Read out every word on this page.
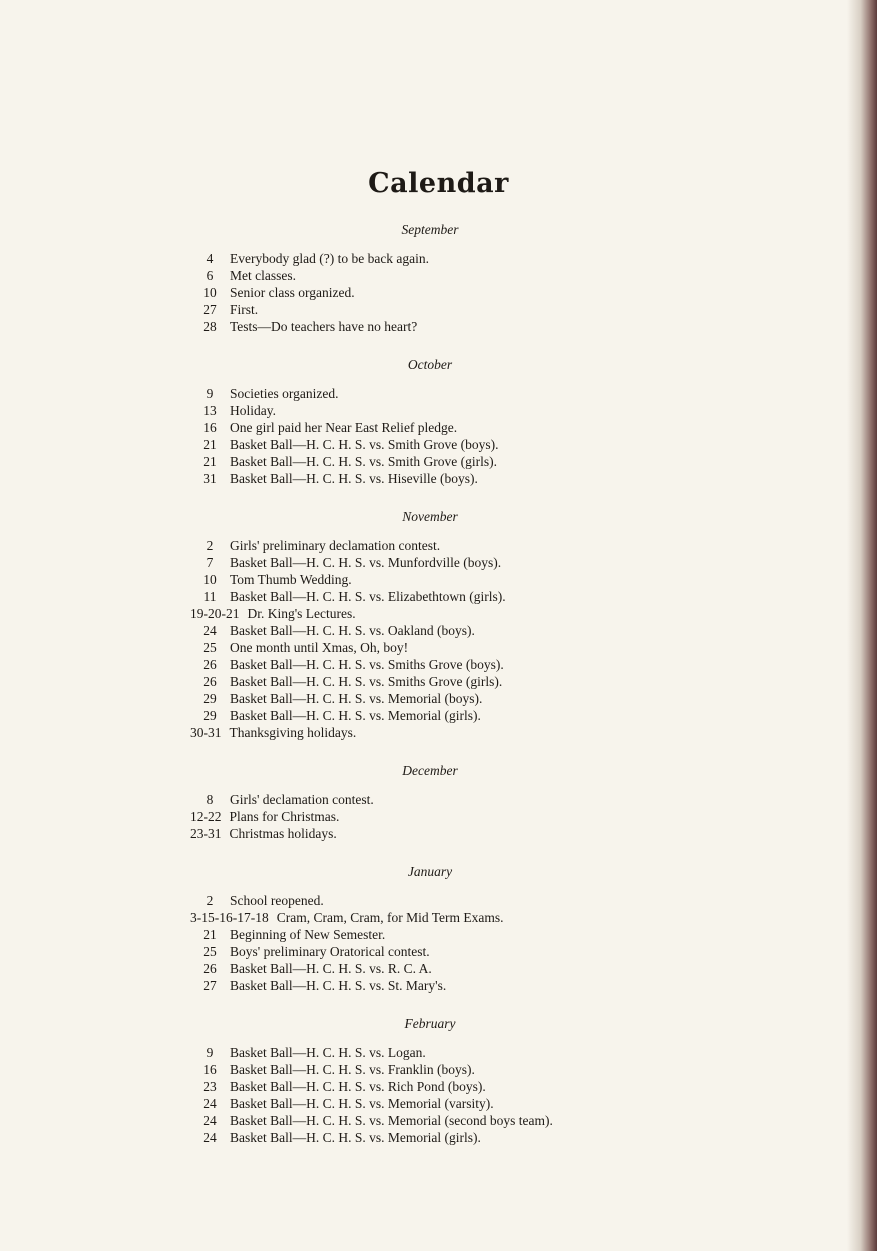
Calendar
September
4	Everybody glad (?) to be back again.
6	Met classes.
10 Senior class organized.
27 First.
28 Tests—Do teachers have no heart?
October
9	Societies organized.
13 Holiday.
16 One girl paid her Near East Relief pledge.
21 Basket Ball—H. C. H. S. vs. Smith Grove (boys).
21 Basket Ball—H. C. H. S. vs. Smith Grove (girls).
31 Basket Ball—H. C. H. S. vs. Hiseville (boys).
November
2	Girls' preliminary declamation contest.
7	Basket Ball—H. C. H. S. vs. Munfordville (boys).
10 Tom Thumb Wedding.
11	Basket Ball—H. C. H. S. vs. Elizabethtown (girls).
19-20-21 Dr. King's Lectures.
24 Basket Ball—H. C. H. S. vs. Oakland (boys).
25 One month until Xmas, Oh, boy!
26 Basket Ball—H. C. H. S. vs. Smiths Grove (boys).
26 Basket Ball—H. C. H. S. vs. Smiths Grove (girls).
29 Basket Ball—H. C. H. S. vs. Memorial (boys).
29 Basket Ball—H. C. H. S. vs. Memorial (girls).
30-31 Thanksgiving holidays.
December
8	Girls' declamation contest.
12-22 Plans for Christmas.
23-31 Christmas holidays.
January
2	School reopened.
3-15-16-17-18 Cram, Cram, Cram, for Mid Term Exams.
21 Beginning of New Semester.
25 Boys' preliminary Oratorical contest.
26 Basket Ball—H. C. H. S. vs. R. C. A.
27 Basket Ball—H. C. H. S. vs. St. Mary's.
February
9	Basket Ball—H. C. H. S. vs. Logan.
16 Basket Ball—H. C. H. S. vs. Franklin (boys).
23 Basket Ball—H. C. H. S. vs. Rich Pond (boys).
24 Basket Ball—H. C. H. S. vs. Memorial (varsity).
24 Basket Ball—H. C. H. S. vs. Memorial (second boys team).
24 Basket Ball—H. C. H. S. vs. Memorial (girls).
